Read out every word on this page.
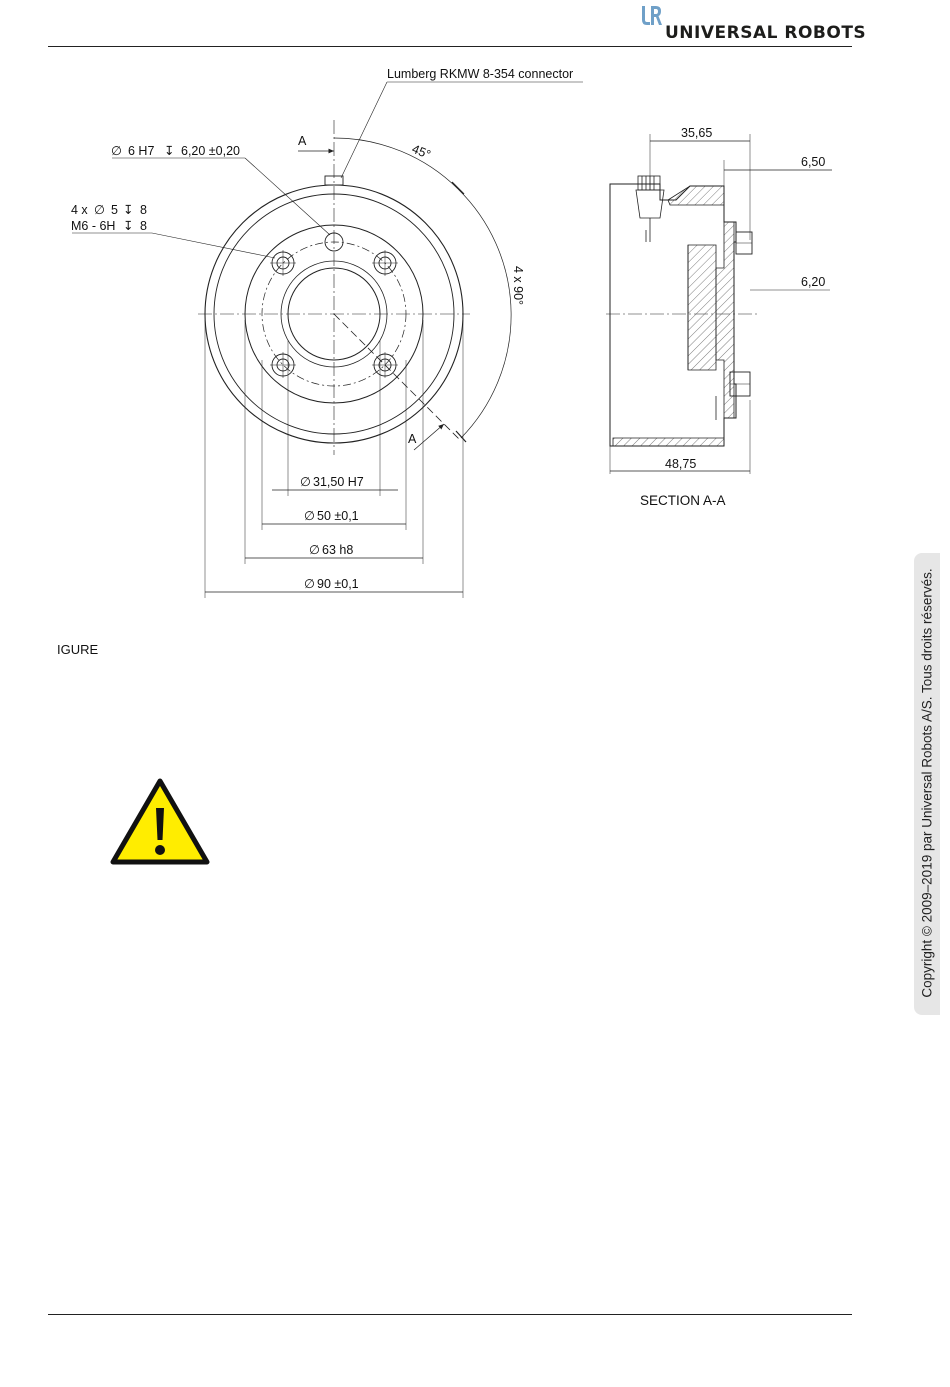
UNIVERSAL ROBOTS
Lumberg RKMW 8-354 connector
∅ 6 H7 ↧ 6,20 ±0,20
4 x ∅ 5 ↧ 8
M6 - 6H ↧ 8
A
A
45°
4 x 90°
∅ 31,50 H7
∅ 50 ±0,1
∅ 63 h8
∅ 90 ±0,1
35,65
6,50
6,20
48,75
SECTION A-A
IGURE	Copyright © 2009–2019 par Universal Robots A/S. Tous droits réservés.
